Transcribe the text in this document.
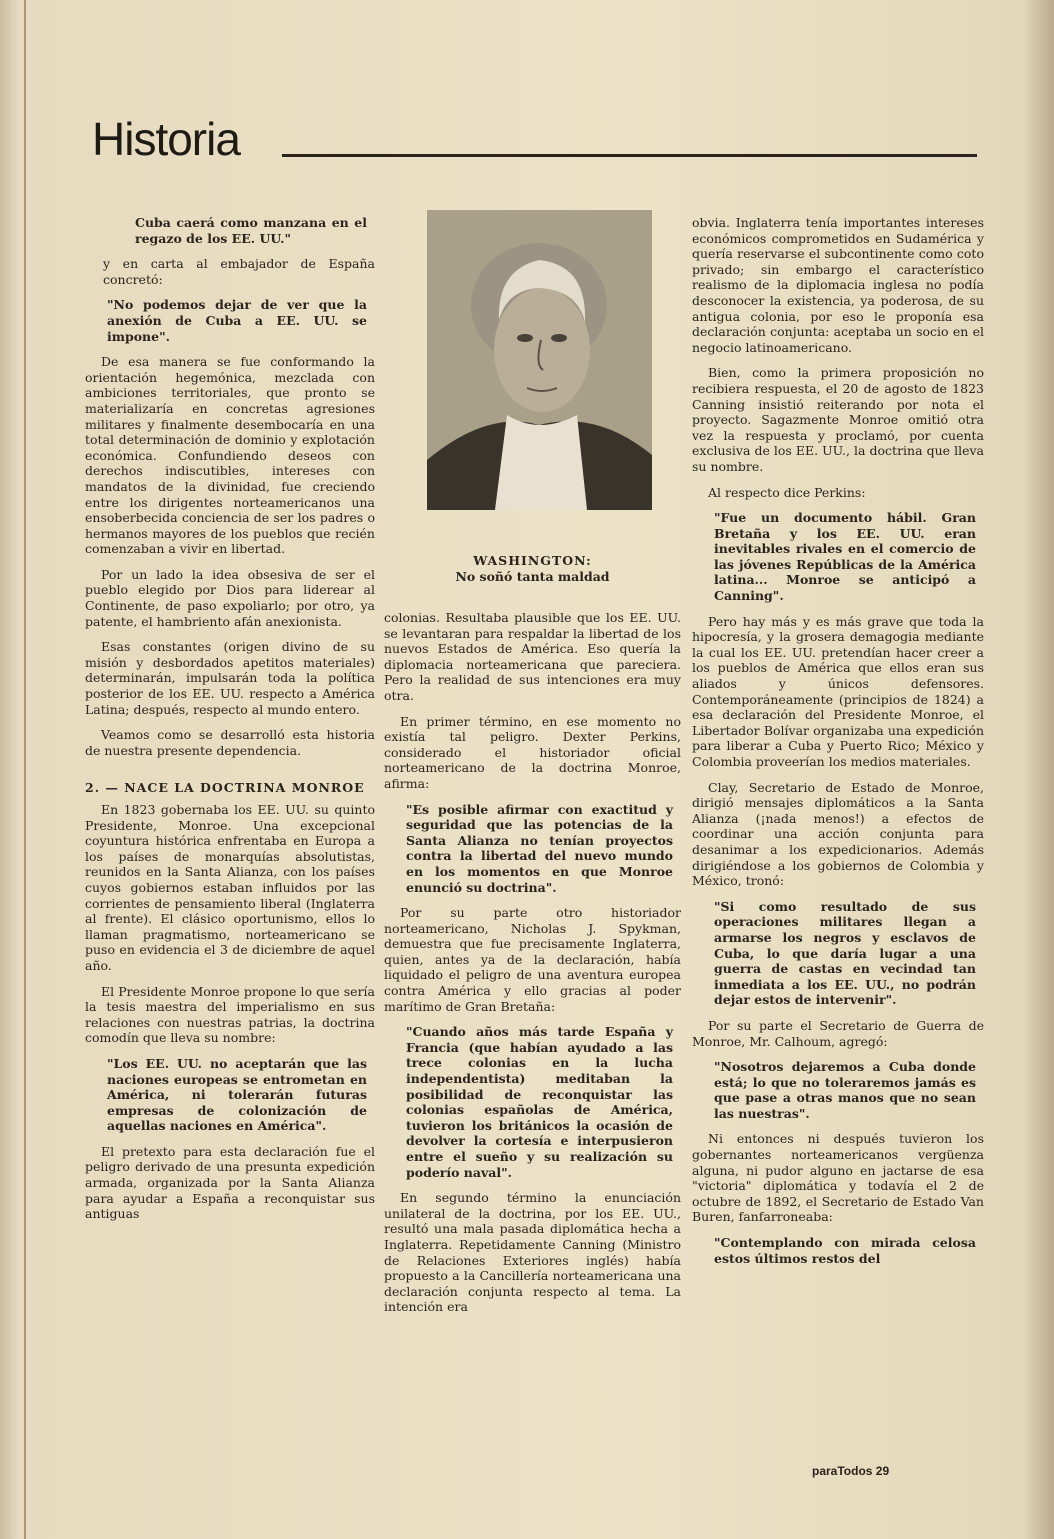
Historia

Cuba caerá como manzana en el regazo de los EE. UU."

y en carta al embajador de España concretó:

"No podemos dejar de ver que la anexión de Cuba a EE. UU. se impone".

De esa manera se fue conformando la orientación hegemónica, mezclada con ambiciones territoriales, que pronto se materializaría en concretas agresiones militares y finalmente desembocaría en una total determinación de dominio y explotación económica. Confundiendo deseos con derechos indiscutibles, intereses con mandatos de la divinidad, fue creciendo entre los dirigentes norteamericanos una ensoberbecida conciencia de ser los padres o hermanos mayores de los pueblos que recién comenzaban a vivir en libertad.

Por un lado la idea obsesiva de ser el pueblo elegido por Dios para liderear al Continente, de paso expoliarlo; por otro, ya patente, el hambriento afán anexionista.

Esas constantes (origen divino de su misión y desbordados apetitos materiales) determinarán, impulsarán toda la política posterior de los EE. UU. respecto a América Latina; después, respecto al mundo entero.

Veamos como se desarrolló esta historia de nuestra presente dependencia.

2. — NACE LA DOCTRINA MONROE

En 1823 gobernaba los EE. UU. su quinto Presidente, Monroe. Una excepcional coyuntura histórica enfrentaba en Europa a los países de monarquías absolutistas, reunidos en la Santa Alianza, con los países cuyos gobiernos estaban influidos por las corrientes de pensamiento liberal (Inglaterra al frente). El clásico oportunismo, ellos lo llaman pragmatismo, norteamericano se puso en evidencia el 3 de diciembre de aquel año.

El Presidente Monroe propone lo que sería la tesis maestra del imperialismo en sus relaciones con nuestras patrias, la doctrina comodín que lleva su nombre:

"Los EE. UU. no aceptarán que las naciones europeas se entrometan en América, ni tolerarán futuras empresas de colonización de aquellas naciones en América".

El pretexto para esta declaración fue el peligro derivado de una presunta expedición armada, organizada por la Santa Alianza para ayudar a España a reconquistar sus antiguas

WASHINGTON:
No soñó tanta maldad

colonias. Resultaba plausible que los EE. UU. se levantaran para respaldar la libertad de los nuevos Estados de América. Eso quería la diplomacia norteamericana que pareciera. Pero la realidad de sus intenciones era muy otra.

En primer término, en ese momento no existía tal peligro. Dexter Perkins, considerado el historiador oficial norteamericano de la doctrina Monroe, afirma:

"Es posible afirmar con exactitud y seguridad que las potencias de la Santa Alianza no tenían proyectos contra la libertad del nuevo mundo en los momentos en que Monroe enunció su doctrina".

Por su parte otro historiador norteamericano, Nicholas J. Spykman, demuestra que fue precisamente Inglaterra, quien, antes ya de la declaración, había liquidado el peligro de una aventura europea contra América y ello gracias al poder marítimo de Gran Bretaña:

"Cuando años más tarde España y Francia (que habían ayudado a las trece colonias en la lucha independentista) meditaban la posibilidad de reconquistar las colonias españolas de América, tuvieron los británicos la ocasión de devolver la cortesía e interpusieron entre el sueño y su realización su poderío naval".

En segundo término la enunciación unilateral de la doctrina, por los EE. UU., resultó una mala pasada diplomática hecha a Inglaterra. Repetidamente Canning (Ministro de Relaciones Exteriores inglés) había propuesto a la Cancillería norteamericana una declaración conjunta respecto al tema. La intención era

obvia. Inglaterra tenía importantes intereses económicos comprometidos en Sudamérica y quería reservarse el subcontinente como coto privado; sin embargo el característico realismo de la diplomacia inglesa no podía desconocer la existencia, ya poderosa, de su antigua colonia, por eso le proponía esa declaración conjunta: aceptaba un socio en el negocio latinoamericano.

Bien, como la primera proposición no recibiera respuesta, el 20 de agosto de 1823 Canning insistió reiterando por nota el proyecto. Sagazmente Monroe omitió otra vez la respuesta y proclamó, por cuenta exclusiva de los EE. UU., la doctrina que lleva su nombre.

Al respecto dice Perkins:

"Fue un documento hábil. Gran Bretaña y los EE. UU. eran inevitables rivales en el comercio de las jóvenes Repúblicas de la América latina... Monroe se anticipó a Canning".

Pero hay más y es más grave que toda la hipocresía, y la grosera demagogia mediante la cual los EE. UU. pretendían hacer creer a los pueblos de América que ellos eran sus aliados y únicos defensores. Contemporáneamente (principios de 1824) a esa declaración del Presidente Monroe, el Libertador Bolívar organizaba una expedición para liberar a Cuba y Puerto Rico; México y Colombia proveerían los medios materiales.

Clay, Secretario de Estado de Monroe, dirigió mensajes diplomáticos a la Santa Alianza (¡nada menos!) a efectos de coordinar una acción conjunta para desanimar a los expedicionarios. Además dirigiéndose a los gobiernos de Colombia y México, tronó:

"Si como resultado de sus operaciones militares llegan a armarse los negros y esclavos de Cuba, lo que daría lugar a una guerra de castas en vecindad tan inmediata a los EE. UU., no podrán dejar estos de intervenir".

Por su parte el Secretario de Guerra de Monroe, Mr. Calhoum, agregó:

"Nosotros dejaremos a Cuba donde está; lo que no toleraremos jamás es que pase a otras manos que no sean las nuestras".

Ni entonces ni después tuvieron los gobernantes norteamericanos vergüenza alguna, ni pudor alguno en jactarse de esa "victoria" diplomática y todavía el 2 de octubre de 1892, el Secretario de Estado Van Buren, fanfarroneaba:

"Contemplando con mirada celosa estos últimos restos del

paraTodos 29
